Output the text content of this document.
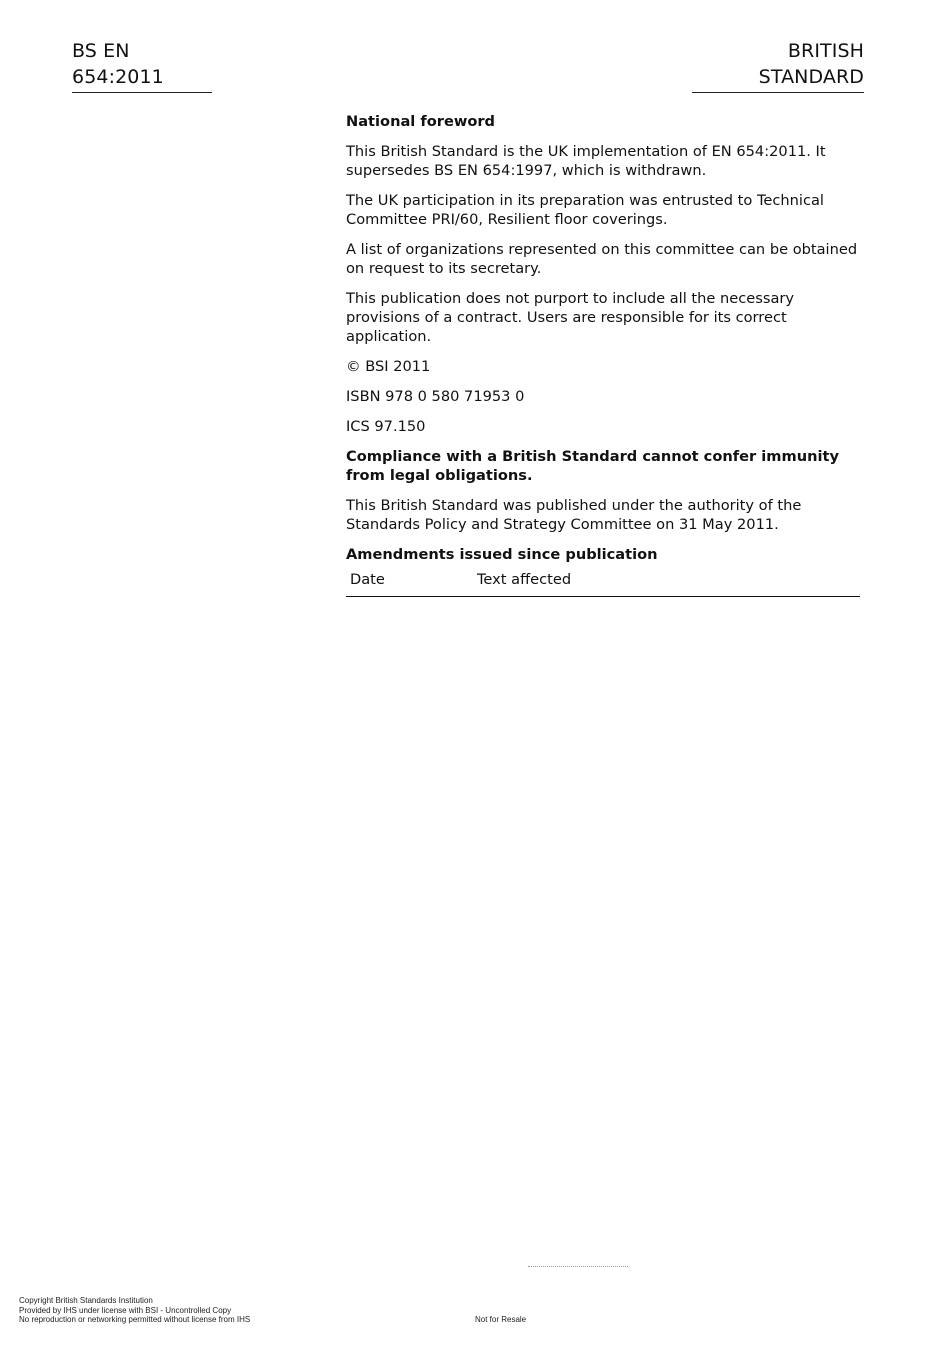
BS EN 654:2011
BRITISH STANDARD

National foreword

This British Standard is the UK implementation of EN 654:2011. It supersedes BS EN 654:1997, which is withdrawn.

The UK participation in its preparation was entrusted to Technical Committee PRI/60, Resilient floor coverings.

A list of organizations represented on this committee can be obtained on request to its secretary.

This publication does not purport to include all the necessary provisions of a contract. Users are responsible for its correct application.

© BSI 2011

ISBN 978 0 580 71953 0

ICS 97.150

Compliance with a British Standard cannot confer immunity from legal obligations.

This British Standard was published under the authority of the Standards Policy and Strategy Committee on 31 May 2011.

Amendments issued since publication
Date	Text affected
Copyright British Standards Institution
Provided by IHS under license with BSI - Uncontrolled Copy
No reproduction or networking permitted without license from IHS	Not for Resale
